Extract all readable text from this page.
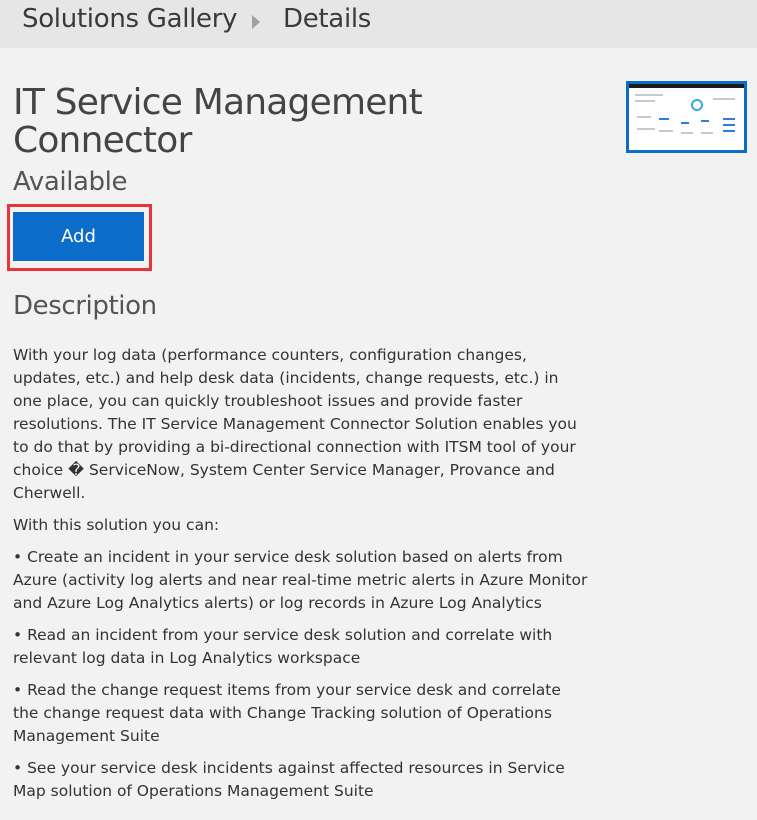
Solutions Gallery Details
IT Service Management Connector
Available
Add
Description

With your log data (performance counters, configuration changes, updates, etc.) and help desk data (incidents, change requests, etc.) in one place, you can quickly troubleshoot issues and provide faster resolutions. The IT Service Management Connector Solution enables you to do that by providing a bi-directional connection with ITSM tool of your choice � ServiceNow, System Center Service Manager, Provance and Cherwell.

With this solution you can:

• Create an incident in your service desk solution based on alerts from Azure (activity log alerts and near real-time metric alerts in Azure Monitor and Azure Log Analytics alerts) or log records in Azure Log Analytics

• Read an incident from your service desk solution and correlate with relevant log data in Log Analytics workspace

• Read the change request items from your service desk and correlate the change request data with Change Tracking solution of Operations Management Suite

• See your service desk incidents against affected resources in Service Map solution of Operations Management Suite
